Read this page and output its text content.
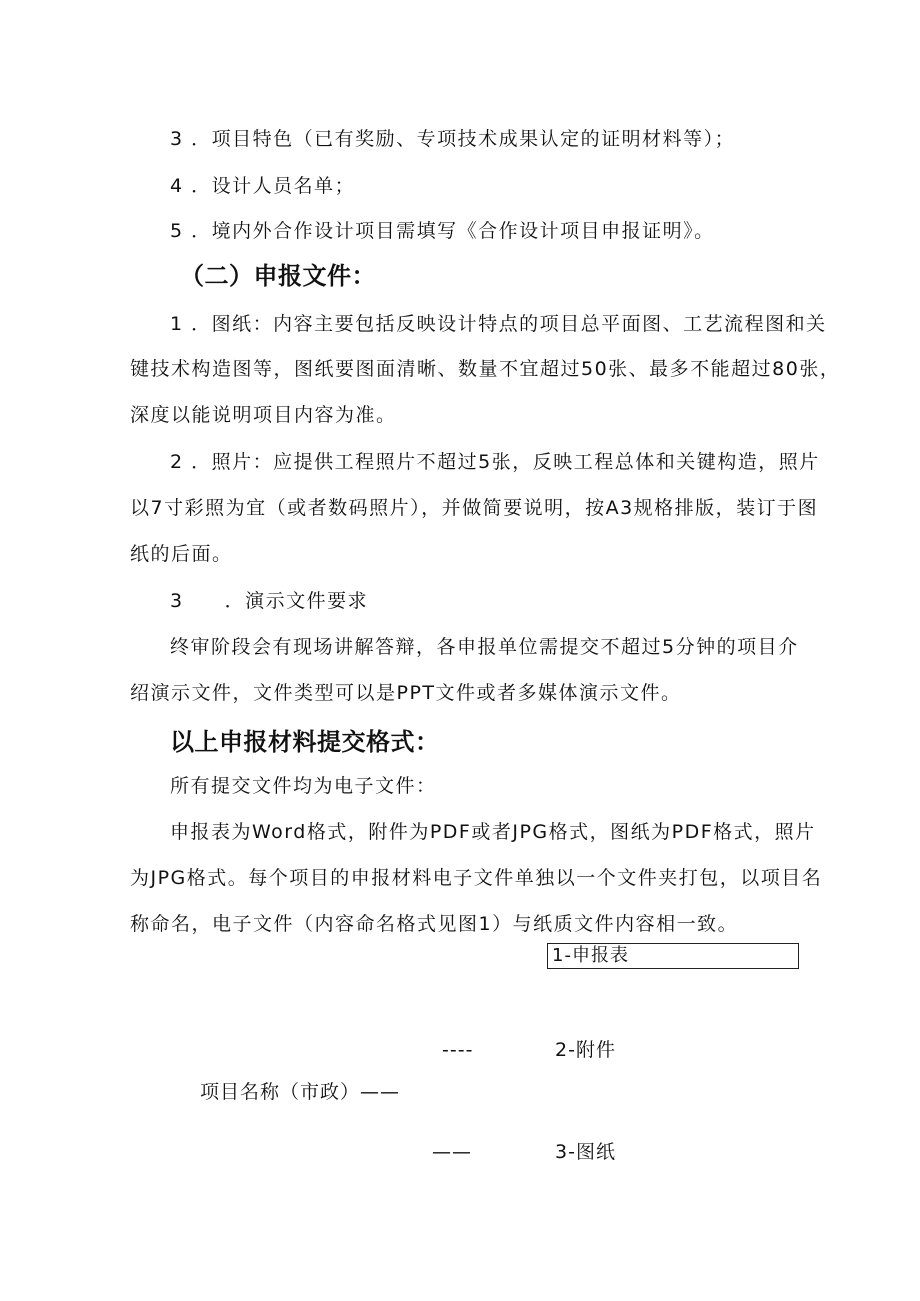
3 ．项目特色（已有奖励、专项技术成果认定的证明材料等）；
4 ．设计人员名单；
5 ．境内外合作设计项目需填写《合作设计项目申报证明》。
（二）申报文件：
1 ．图纸：内容主要包括反映设计特点的项目总平面图、工艺流程图和关
键技术构造图等，图纸要图面清晰、数量不宜超过50张、最多不能超过80张，
深度以能说明项目内容为准。
2 ．照片：应提供工程照片不超过5张，反映工程总体和关键构造，照片
以7寸彩照为宜（或者数码照片），并做简要说明，按A3规格排版，装订于图
纸的后面。
3　　．演示文件要求
终审阶段会有现场讲解答辩，各申报单位需提交不超过5分钟的项目介
绍演示文件，文件类型可以是PPT文件或者多媒体演示文件。
以上申报材料提交格式：
所有提交文件均为电子文件：
申报表为Word格式，附件为PDF或者JPG格式，图纸为PDF格式，照片
为JPG格式。每个项目的申报材料电子文件单独以一个文件夹打包，以项目名
称命名，电子文件（内容命名格式见图1）与纸质文件内容相一致。
1-申报表
----	2-附件
项目名称（市政）——
——	3-图纸
